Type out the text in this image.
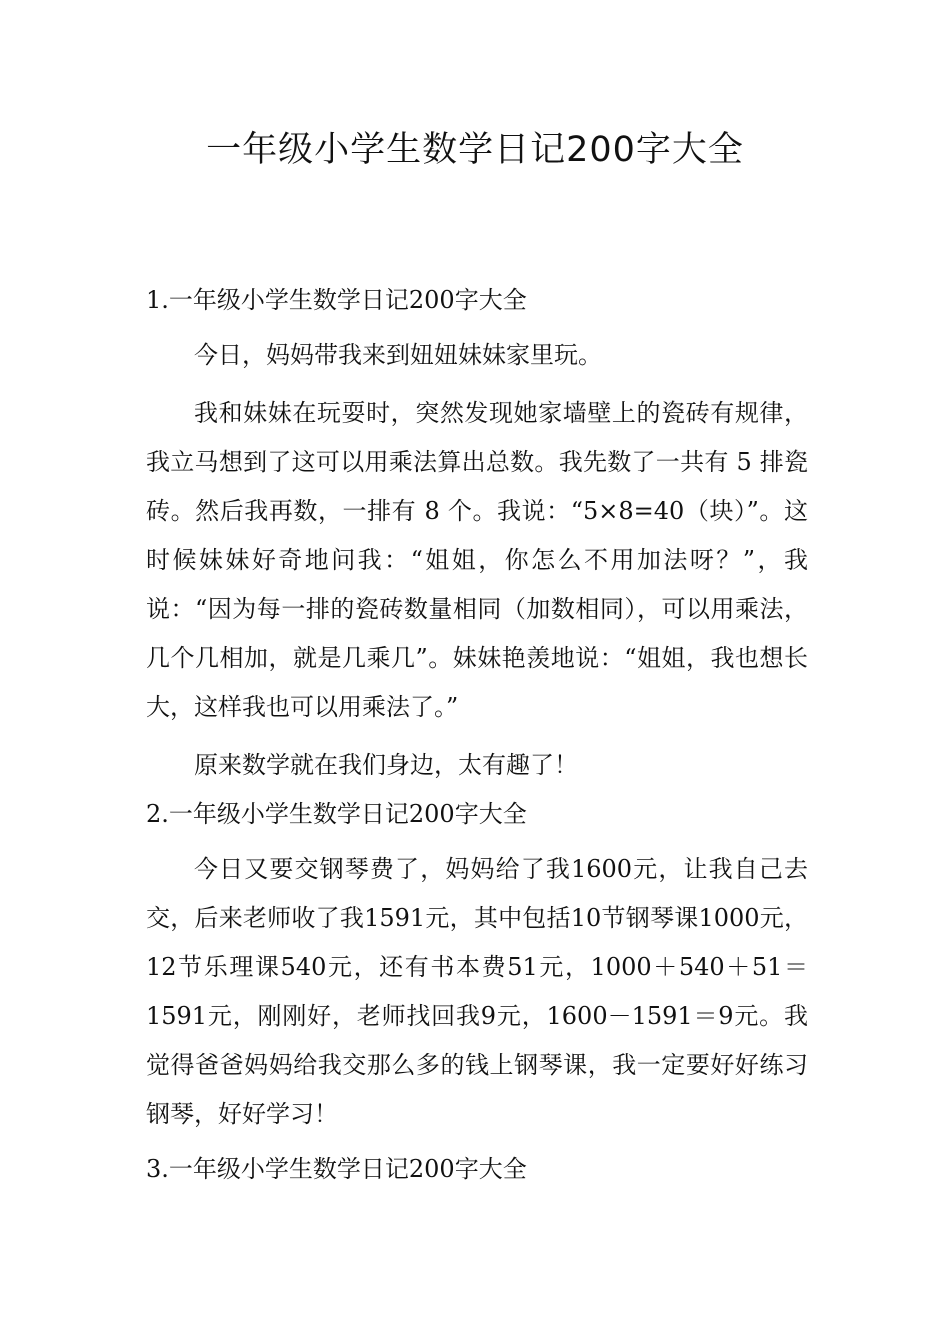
一年级小学生数学日记200字大全

1.一年级小学生数学日记200字大全

今日，妈妈带我来到妞妞妹妹家里玩。

我和妹妹在玩耍时，突然发现她家墙壁上的瓷砖有规律，我立马想到了这可以用乘法算出总数。我先数了一共有 5 排瓷砖。然后我再数，一排有 8 个。我说：“5×8=40（块）”。这时候妹妹好奇地问我：“姐姐，你怎么不用加法呀？”，我说：“因为每一排的瓷砖数量相同（加数相同），可以用乘法，几个几相加，就是几乘几”。妹妹艳羡地说：“姐姐，我也想长大，这样我也可以用乘法了。”

原来数学就在我们身边，太有趣了！

2.一年级小学生数学日记200字大全

今日又要交钢琴费了，妈妈给了我1600元，让我自己去交，后来老师收了我1591元，其中包括10节钢琴课1000元，12节乐理课540元，还有书本费51元，1000＋540＋51＝1591元，刚刚好，老师找回我9元，1600－1591＝9元。我觉得爸爸妈妈给我交那么多的钱上钢琴课，我一定要好好练习钢琴，好好学习！

3.一年级小学生数学日记200字大全
